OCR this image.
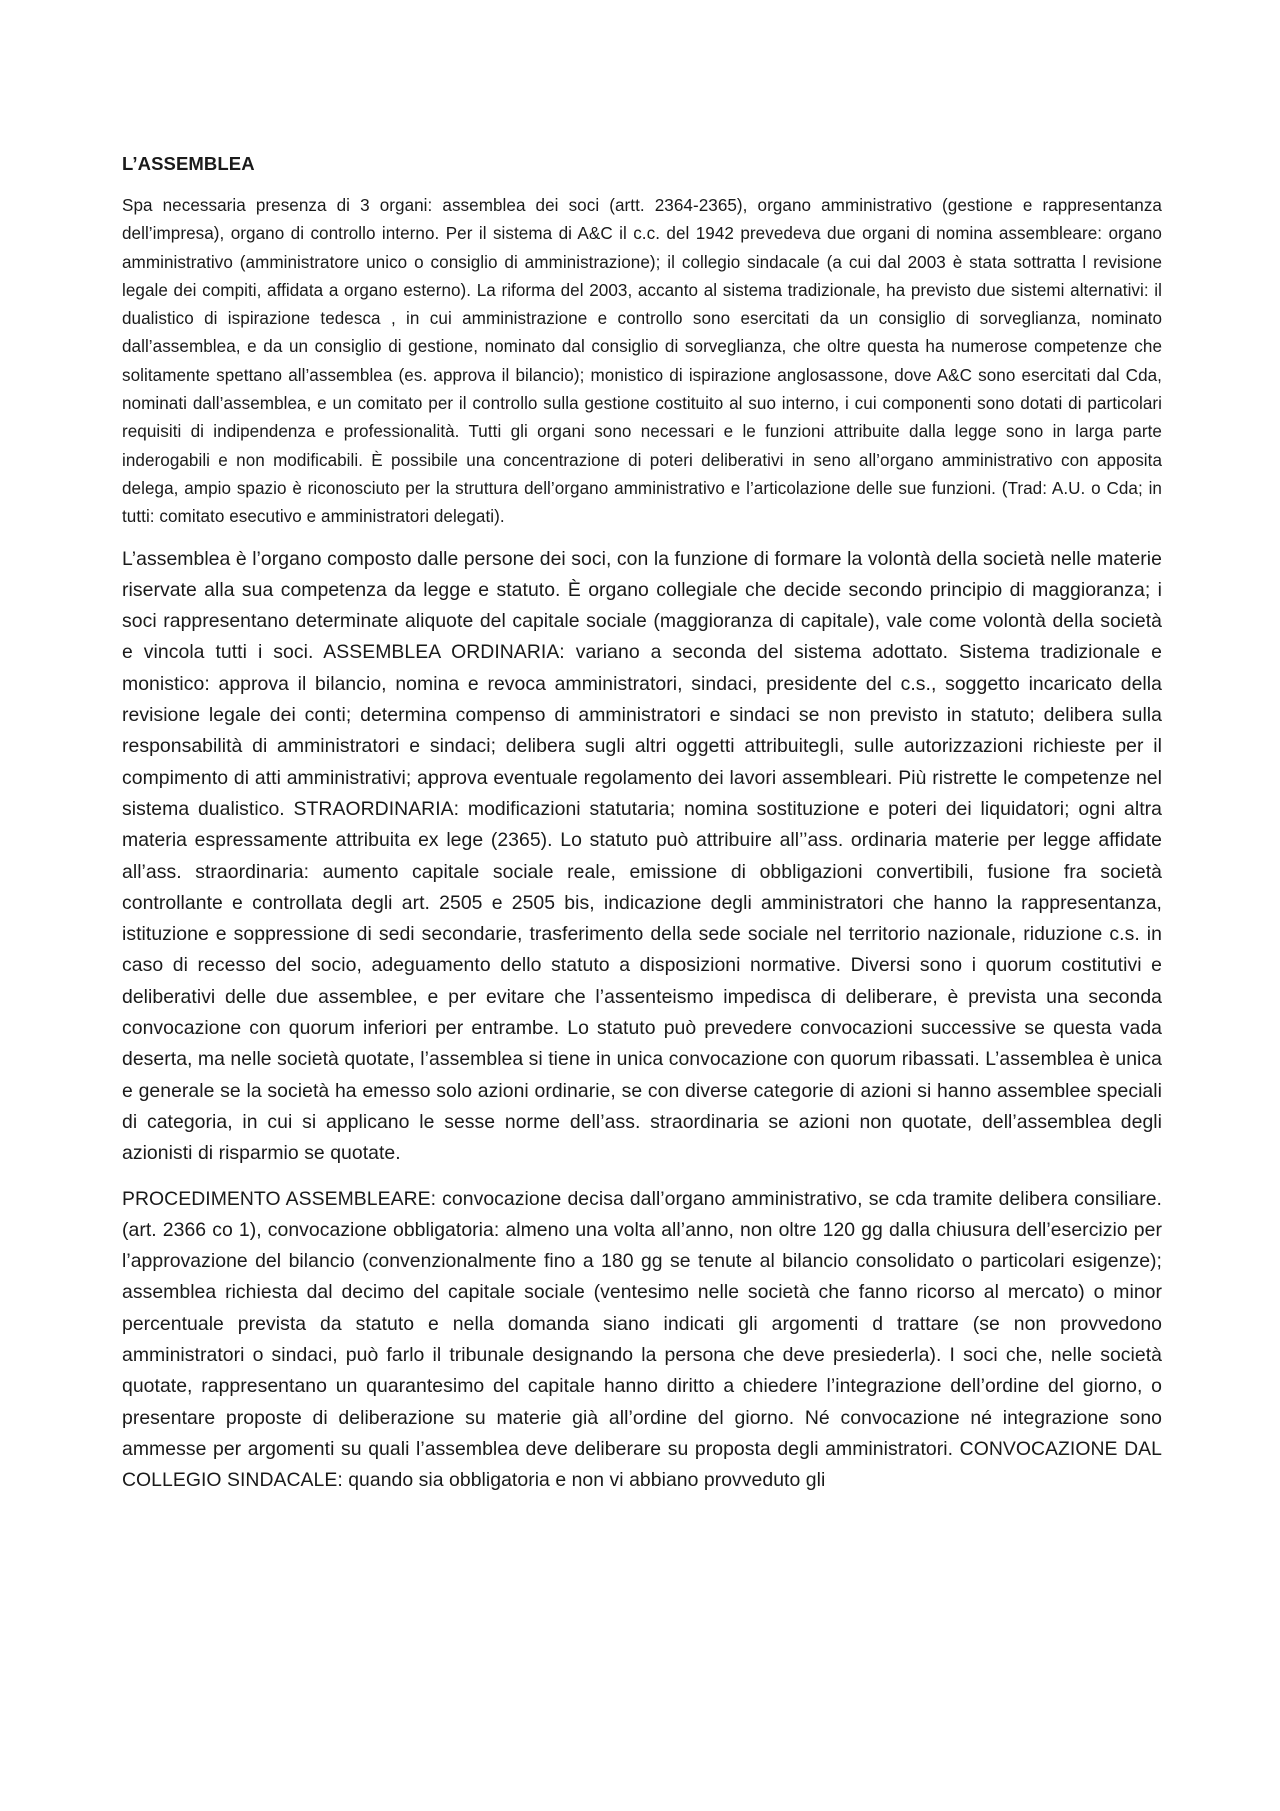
L’ASSEMBLEA

Spa necessaria presenza di 3 organi: assemblea dei soci (artt. 2364-2365), organo amministrativo (gestione e rappresentanza dell’impresa), organo di controllo interno. Per il sistema di A&C il c.c. del 1942 prevedeva due organi di nomina assembleare: organo amministrativo (amministratore unico o consiglio di amministrazione); il collegio sindacale (a cui dal 2003 è stata sottratta l revisione legale dei compiti, affidata a organo esterno). La riforma del 2003, accanto al sistema tradizionale, ha previsto due sistemi alternativi: il dualistico di ispirazione tedesca , in cui amministrazione e controllo sono esercitati da un consiglio di sorveglianza, nominato dall’assemblea, e da un consiglio di gestione, nominato dal consiglio di sorveglianza, che oltre questa ha numerose competenze che solitamente spettano all’assemblea (es. approva il bilancio); monistico di ispirazione anglosassone, dove A&C sono esercitati dal Cda, nominati dall’assemblea, e un comitato per il controllo sulla gestione costituito al suo interno, i cui componenti sono dotati di particolari requisiti di indipendenza e professionalità. Tutti gli organi sono necessari e le funzioni attribuite dalla legge sono in larga parte inderogabili e non modificabili. È possibile una concentrazione di poteri deliberativi in seno all’organo amministrativo con apposita delega, ampio spazio è riconosciuto per la struttura dell’organo amministrativo e l’articolazione delle sue funzioni. (Trad: A.U. o Cda; in tutti: comitato esecutivo e amministratori delegati).

L’assemblea è l’organo composto dalle persone dei soci, con la funzione di formare la volontà della società nelle materie riservate alla sua competenza da legge e statuto. È organo collegiale che decide secondo principio di maggioranza; i soci rappresentano determinate aliquote del capitale sociale (maggioranza di capitale), vale come volontà della società e vincola tutti i soci. ASSEMBLEA ORDINARIA: variano a seconda del sistema adottato. Sistema tradizionale e monistico: approva il bilancio, nomina e revoca amministratori, sindaci, presidente del c.s., soggetto incaricato della revisione legale dei conti; determina compenso di amministratori e sindaci se non previsto in statuto; delibera sulla responsabilità di amministratori e sindaci; delibera sugli altri oggetti attribuitegli, sulle autorizzazioni richieste per il compimento di atti amministrativi; approva eventuale regolamento dei lavori assembleari. Più ristrette le competenze nel sistema dualistico. STRAORDINARIA: modificazioni statutaria; nomina sostituzione e poteri dei liquidatori; ogni altra materia espressamente attribuita ex lege (2365). Lo statuto può attribuire all’’ass. ordinaria materie per legge affidate all’ass. straordinaria: aumento capitale sociale reale, emissione di obbligazioni convertibili, fusione fra società controllante e controllata degli art. 2505 e 2505 bis, indicazione degli amministratori che hanno la rappresentanza, istituzione e soppressione di sedi secondarie, trasferimento della sede sociale nel territorio nazionale, riduzione c.s. in caso di recesso del socio, adeguamento dello statuto a disposizioni normative. Diversi sono i quorum costitutivi e deliberativi delle due assemblee, e per evitare che l’assenteismo impedisca di deliberare, è prevista una seconda convocazione con quorum inferiori per entrambe. Lo statuto può prevedere convocazioni successive se questa vada deserta, ma nelle società quotate, l’assemblea si tiene in unica convocazione con quorum ribassati. L’assemblea è unica e generale se la società ha emesso solo azioni ordinarie, se con diverse categorie di azioni si hanno assemblee speciali di categoria, in cui si applicano le sesse norme dell’ass. straordinaria se azioni non quotate, dell’assemblea degli azionisti di risparmio se quotate.

PROCEDIMENTO ASSEMBLEARE: convocazione decisa dall’organo amministrativo, se cda tramite delibera consiliare. (art. 2366 co 1), convocazione obbligatoria: almeno una volta all’anno, non oltre 120 gg dalla chiusura dell’esercizio per l’approvazione del bilancio (convenzionalmente fino a 180 gg se tenute al bilancio consolidato o particolari esigenze); assemblea richiesta dal decimo del capitale sociale (ventesimo nelle società che fanno ricorso al mercato) o minor percentuale prevista da statuto e nella domanda siano indicati gli argomenti d trattare (se non provvedono amministratori o sindaci, può farlo il tribunale designando la persona che deve presiederla). I soci che, nelle società quotate, rappresentano un quarantesimo del capitale hanno diritto a chiedere l’integrazione dell’ordine del giorno, o presentare proposte di deliberazione su materie già all’ordine del giorno. Né convocazione né integrazione sono ammesse per argomenti su quali l’assemblea deve deliberare su proposta degli amministratori. CONVOCAZIONE DAL COLLEGIO SINDACALE: quando sia obbligatoria e non vi abbiano provveduto gli
